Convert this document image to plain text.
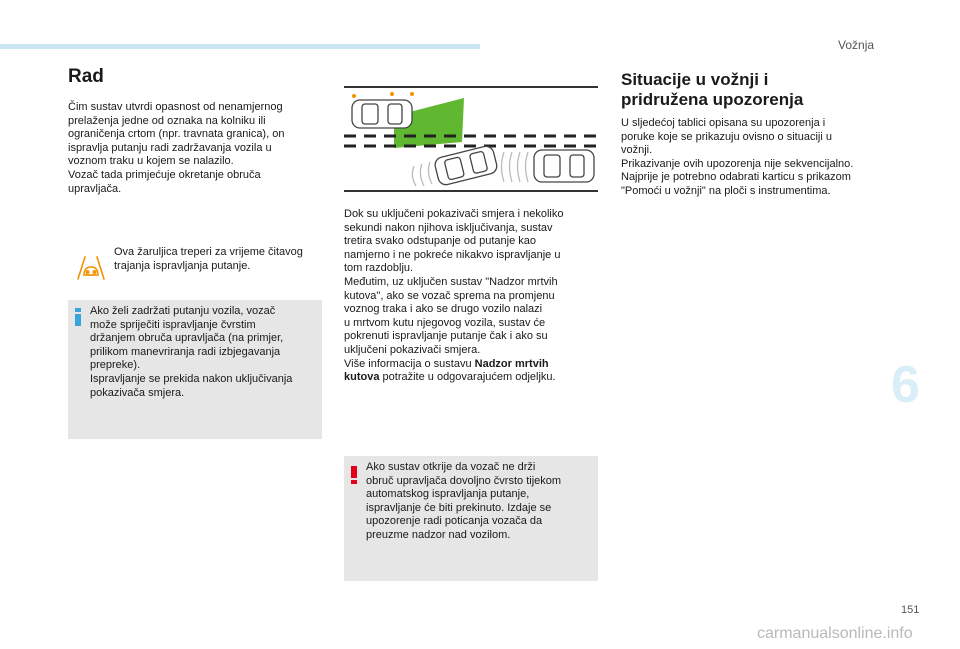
Vožnja
6
Rad

Čim sustav utvrdi opasnost od nenamjernog
prelaženja jedne od oznaka na kolniku ili
ograničenja crtom (npr. travnata granica), on
ispravlja putanju radi zadržavanja vozila u
voznom traku u kojem se nalazilo.
Vozač tada primjećuje okretanje obruča
upravljača.

Ova žaruljica treperi za vrijeme čitavog
trajanja ispravljanja putanje.

Ako želi zadržati putanju vozila, vozač
može spriječiti ispravljanje čvrstim
držanjem obruča upravljača (na primjer,
prilikom manevriranja radi izbjegavanja
prepreke).
Ispravljanje se prekida nakon uključivanja
pokazivača smjera.

Dok su uključeni pokazivači smjera i nekoliko
sekundi nakon njihova isključivanja, sustav
tretira svako odstupanje od putanje kao
namjerno i ne pokreće nikakvo ispravljanje u
tom razdoblju.
Međutim, uz uključen sustav "Nadzor mrtvih
kutova", ako se vozač sprema na promjenu
voznog traka i ako se drugo vozilo nalazi
u mrtvom kutu njegovog vozila, sustav će
pokrenuti ispravljanje putanje čak i ako su
uključeni pokazivači smjera.
Više informacija o sustavu Nadzor mrtvih
kutova potražite u odgovarajućem odjeljku.

Ako sustav otkrije da vozač ne drži
obruč upravljača dovoljno čvrsto tijekom
automatskog ispravljanja putanje,
ispravljanje će biti prekinuto. Izdaje se
upozorenje radi poticanja vozača da
preuzme nadzor nad vozilom.

Situacije u vožnji i
pridružena upozorenja

U sljedećoj tablici opisana su upozorenja i
poruke koje se prikazuju ovisno o situaciji u
vožnji.
Prikazivanje ovih upozorenja nije sekvencijalno.
Najprije je potrebno odabrati karticu s prikazom
"Pomoći u vožnji" na ploči s instrumentima.

151
carmanualsonline.info
